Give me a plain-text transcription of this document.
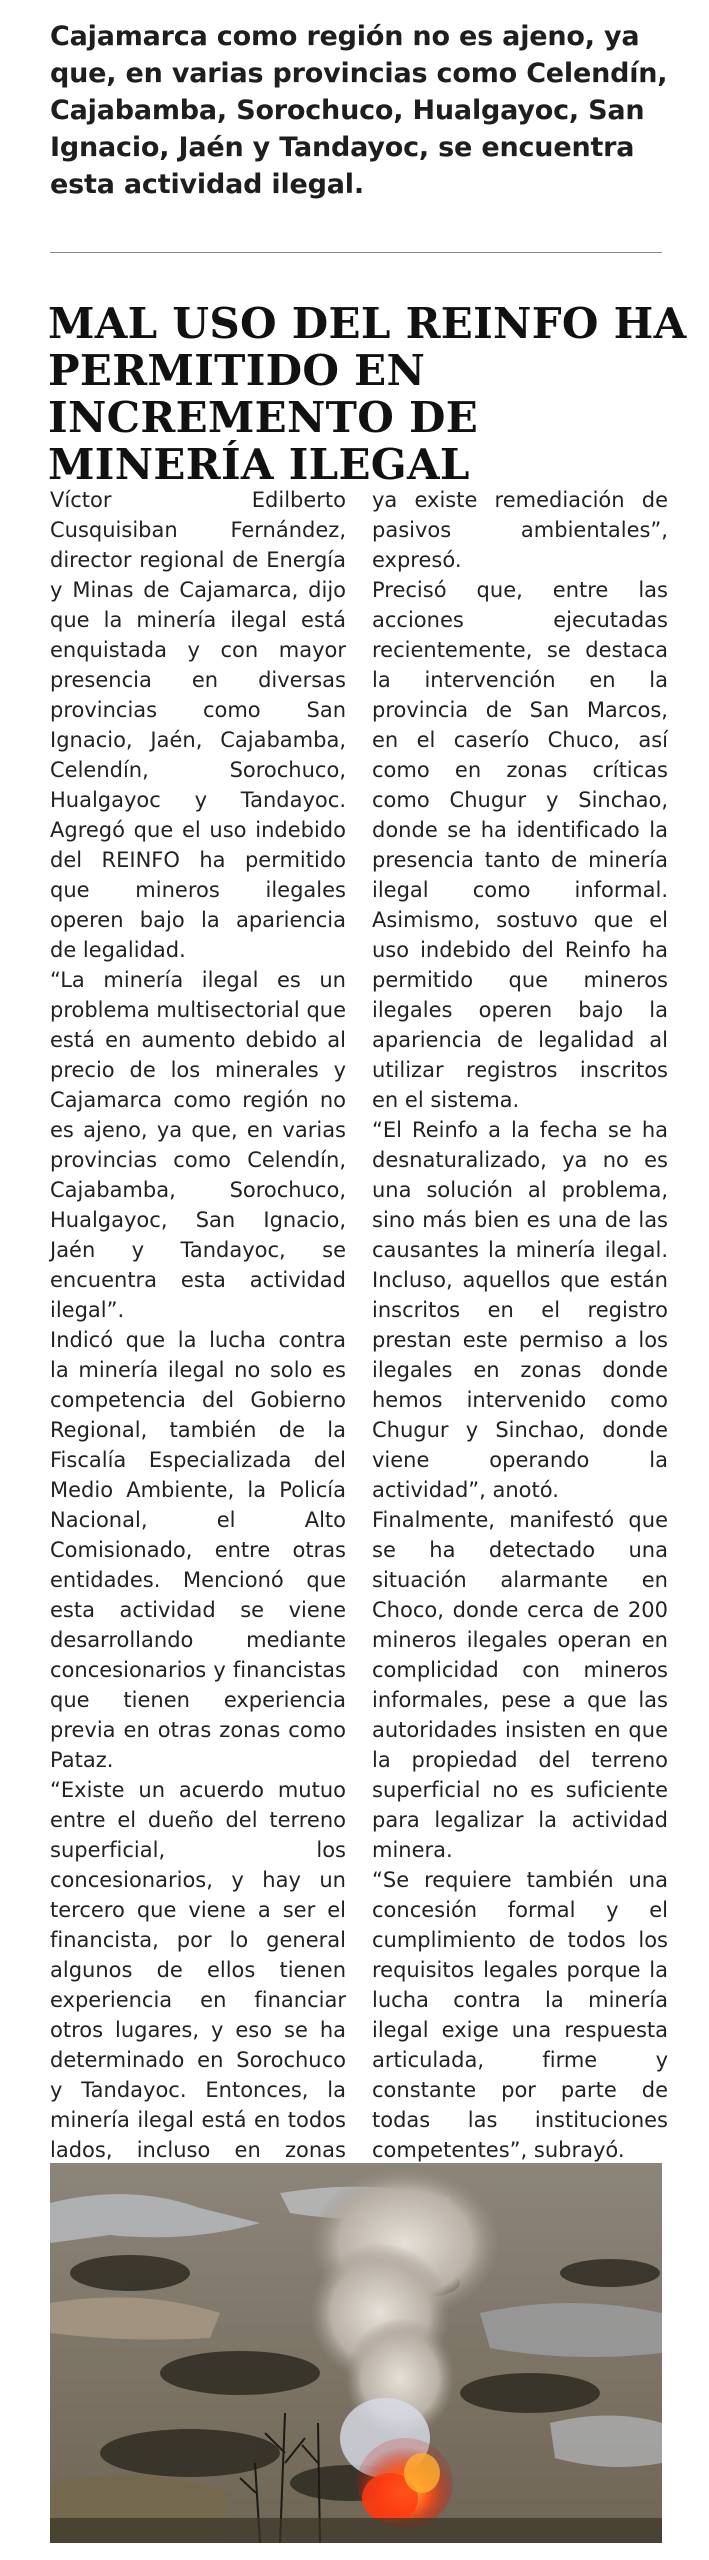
Cajamarca como región no es ajeno, ya que, en varias provincias como Celendín, Cajabamba, Sorochuco, Hualgayoc, San Ignacio, Jaén y Tandayoc, se encuentra esta actividad ilegal.
MAL USO DEL REINFO HA PERMITIDO EN INCREMENTO DE MINERÍA ILEGAL

Víctor Edilberto Cusquisiban Fernández, director regional de Energía y Minas de Cajamarca, dijo que la minería ilegal está enquistada y con mayor presencia en diversas provincias como San Ignacio, Jaén, Cajabamba, Celendín, Sorochuco, Hualgayoc y Tandayoc. Agregó que el uso indebido del REINFO ha permitido que mineros ilegales operen bajo la apariencia de legalidad.

“La minería ilegal es un problema multisectorial que está en aumento debido al precio de los minerales y Cajamarca como región no es ajeno, ya que, en varias provincias como Celendín, Cajabamba, Sorochuco, Hualgayoc, San Ignacio, Jaén y Tandayoc, se encuentra esta actividad ilegal”.

Indicó que la lucha contra la minería ilegal no solo es competencia del Gobierno Regional, también de la Fiscalía Especializada del Medio Ambiente, la Policía Nacional, el Alto Comisionado, entre otras entidades. Mencionó que esta actividad se viene desarrollando mediante concesionarios y financistas que tienen experiencia previa en otras zonas como Pataz.

“Existe un acuerdo mutuo entre el dueño del terreno superficial, los concesionarios, y hay un tercero que viene a ser el financista, por lo general algunos de ellos tienen experiencia en financiar otros lugares, y eso se ha determinado en Sorochuco y Tandayoc. Entonces, la minería ilegal está en todos lados, incluso en zonas

ya existe remediación de pasivos ambientales”, expresó.

Precisó que, entre las acciones ejecutadas recientemente, se destaca la intervención en la provincia de San Marcos, en el caserío Chuco, así como en zonas críticas como Chugur y Sinchao, donde se ha identificado la presencia tanto de minería ilegal como informal. Asimismo, sostuvo que el uso indebido del Reinfo ha permitido que mineros ilegales operen bajo la apariencia de legalidad al utilizar registros inscritos en el sistema.

“El Reinfo a la fecha se ha desnaturalizado, ya no es una solución al problema, sino más bien es una de las causantes la minería ilegal. Incluso, aquellos que están inscritos en el registro prestan este permiso a los ilegales en zonas donde hemos intervenido como Chugur y Sinchao, donde viene operando la actividad”, anotó.

Finalmente, manifestó que se ha detectado una situación alarmante en Choco, donde cerca de 200 mineros ilegales operan en complicidad con mineros informales, pese a que las autoridades insisten en que la propiedad del terreno superficial no es suficiente para legalizar la actividad minera.

“Se requiere también una concesión formal y el cumplimiento de todos los requisitos legales porque la lucha contra la minería ilegal exige una respuesta articulada, firme y constante por parte de todas las instituciones competentes”, subrayó.
